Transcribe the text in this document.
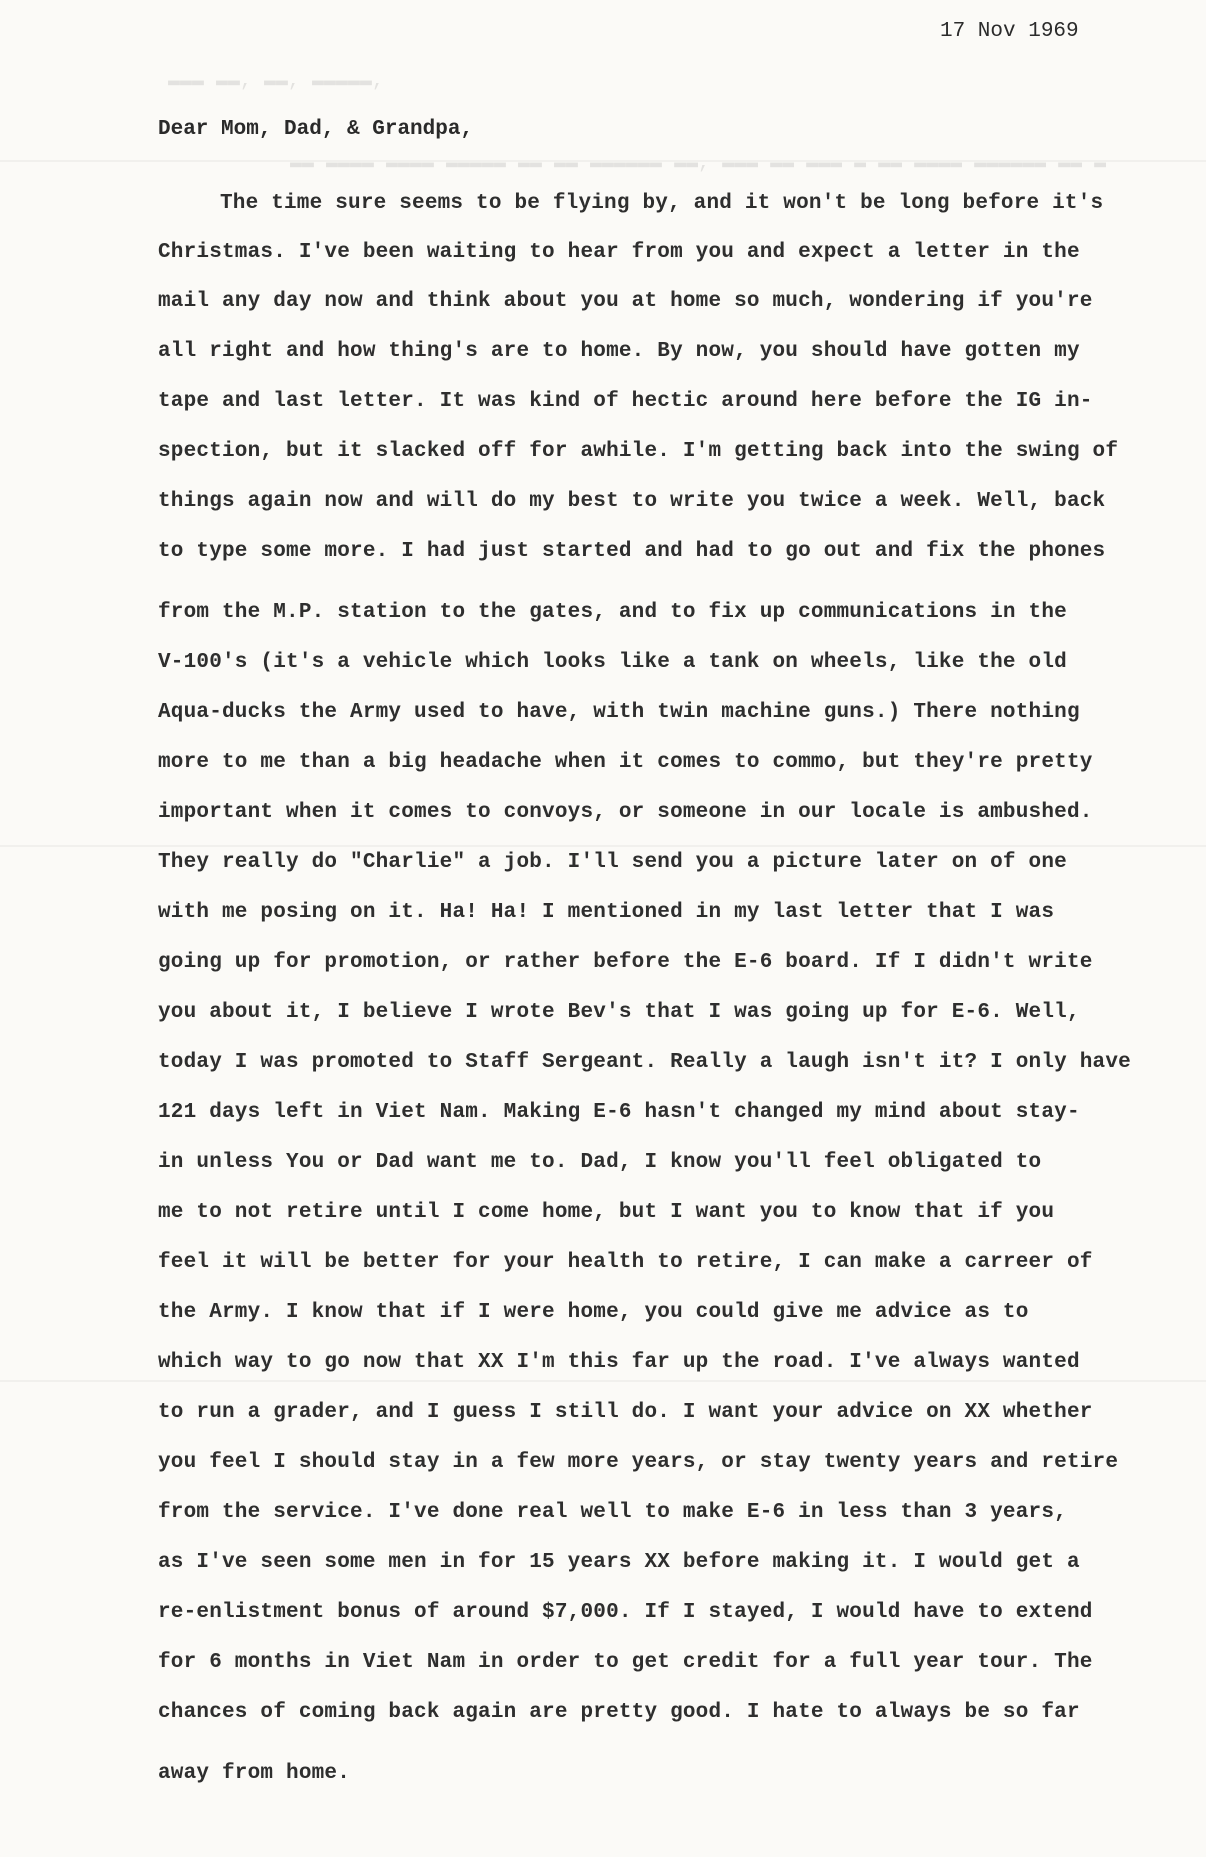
▬▬▬ ▬▬, ▬▬, ▬▬▬▬▬,
▬▬ ▬▬▬▬ ▬▬▬▬ ▬▬▬▬▬ ▬▬ ▬▬ ▬▬▬▬▬▬ ▬▬, ▬▬▬ ▬▬ ▬▬▬ ▬ ▬▬ ▬▬▬▬ ▬▬▬▬▬▬ ▬▬ ▬
17 Nov 1969
Dear Mom, Dad, & Grandpa,
The time sure seems to be flying by, and it won't be long before it's
Christmas. I've been waiting to hear from you and expect a letter in the
mail any day now and think about you at home so much, wondering if you're
all right and how thing's are to home. By now, you should have gotten my
tape and last letter. It was kind of hectic around here before the IG in-
spection, but it slacked off for awhile. I'm getting back into the swing of
things again now and will do my best to write you twice a week. Well, back
to type some more. I had just started and had to go out and fix the phones
from the M.P. station to the gates, and to fix up communications in the
V-100's (it's a vehicle which looks like a tank on wheels, like the old
Aqua-ducks the Army used to have, with twin machine guns.) There nothing
more to me than a big headache when it comes to commo, but they're pretty
important when it comes to convoys, or someone in our locale is ambushed.
They really do "Charlie" a job. I'll send you a picture later on of one
with me posing on it. Ha! Ha! I mentioned in my last letter that I was
going up for promotion, or rather before the E-6 board. If I didn't write
you about it, I believe I wrote Bev's that I was going up for E-6. Well,
today I was promoted to Staff Sergeant. Really a laugh isn't it? I only have
121 days left in Viet Nam. Making E-6 hasn't changed my mind about stay-
in unless You or Dad want me to. Dad, I know you'll feel obligated to
me to not retire until I come home, but I want you to know that if you
feel it will be better for your health to retire, I can make a carreer of
the Army. I know that if I were home, you could give me advice as to
which way to go now that XX I'm this far up the road. I've always wanted
to run a grader, and I guess I still do. I want your advice on XX whether
you feel I should stay in a few more years, or stay twenty years and retire
from the service. I've done real well to make E-6 in less than 3 years,
as I've seen some men in for 15 years XX before making it. I would get a
re-enlistment bonus of around $7,000. If I stayed, I would have to extend
for 6 months in Viet Nam in order to get credit for a full year tour. The
chances of coming back again are pretty good. I hate to always be so far
away from home.
